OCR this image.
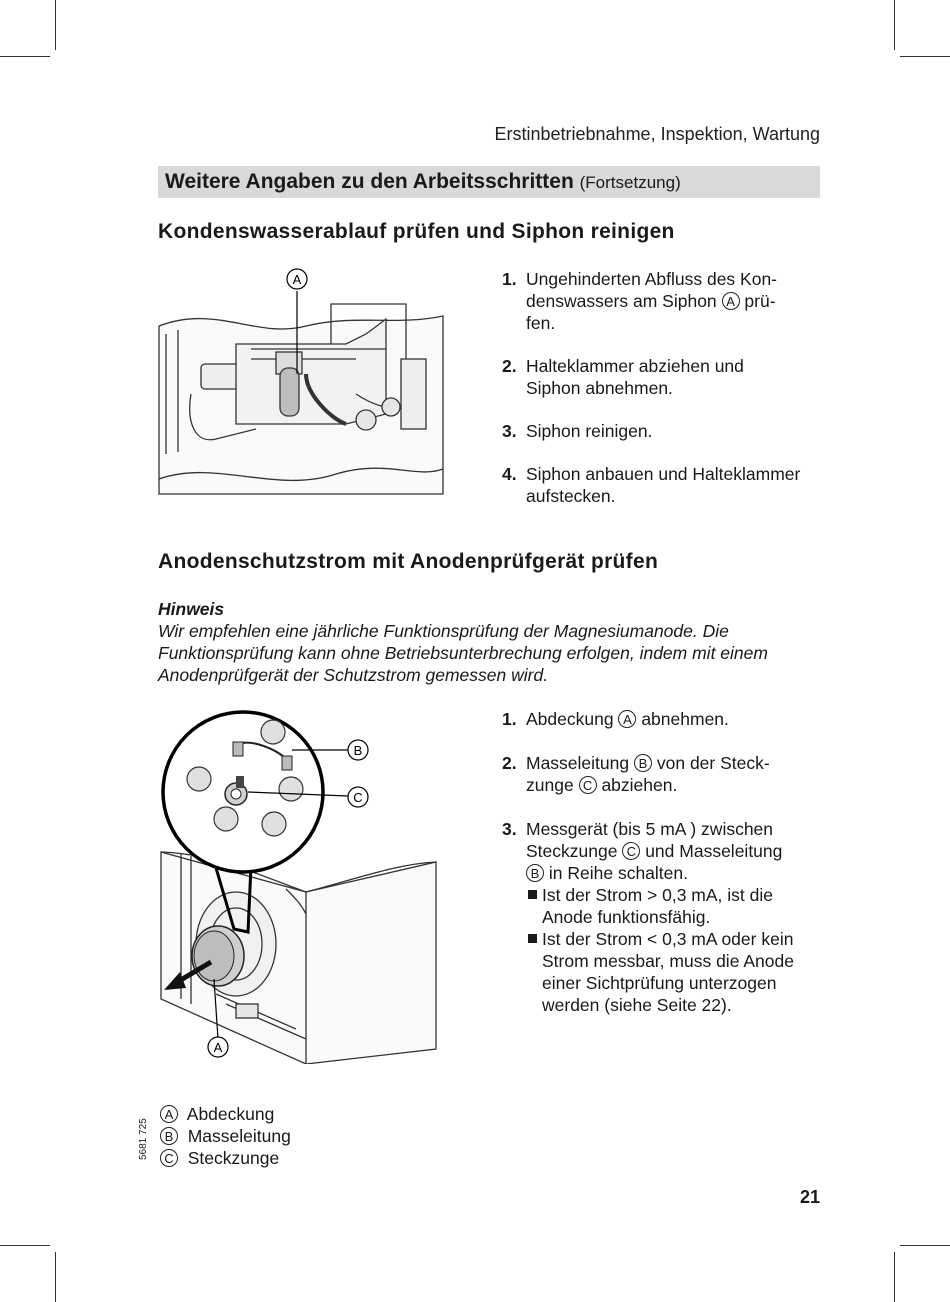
Erstinbetriebnahme, Inspektion, Wartung
Weitere Angaben zu den Arbeitsschritten (Fortsetzung)
Kondenswasserablauf prüfen und Siphon reinigen
A	1. Ungehinderten Abfluss des Kon-
denswassers am Siphon A prü-
fen.
2. Halteklammer abziehen und
Siphon abnehmen.
3. Siphon reinigen.
4. Siphon anbauen und Halteklammer
aufstecken.
Anodenschutzstrom mit Anodenprüfgerät prüfen
Hinweis
Wir empfehlen eine jährliche Funktionsprüfung der Magnesiumanode. Die
Funktionsprüfung kann ohne Betriebsunterbrechung erfolgen, indem mit einem
Anodenprüfgerät der Schutzstrom gemessen wird.
B
C
A
1. Abdeckung A abnehmen.
2. Masseleitung B von der Steck-
zunge C abziehen.
3. Messgerät (bis 5 mA ) zwischen
Steckzunge C und Masseleitung
B in Reihe schalten.
Ist der Strom > 0,3 mA, ist die
Anode funktionsfähig.
Ist der Strom < 0,3 mA oder kein
Strom messbar, muss die Anode
einer Sichtprüfung unterzogen
werden (siehe Seite 22).
A Abdeckung
B Masseleitung
C Steckzunge
5681 725
21
